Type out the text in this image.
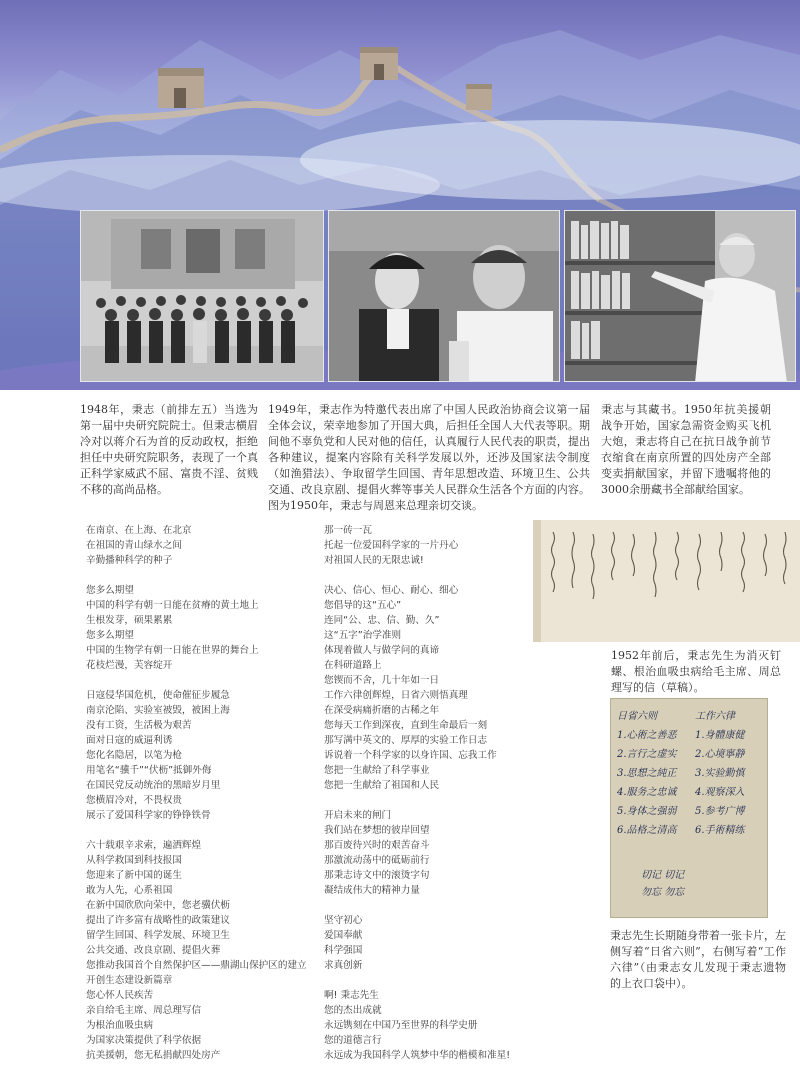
1948年，秉志（前排左五）当选为第一届中央研究院院士。但秉志横眉冷对以蒋介石为首的反动政权，拒绝担任中央研究院职务，表现了一个真正科学家威武不屈、富贵不淫、贫贱不移的高尚品格。

1949年，秉志作为特邀代表出席了中国人民政治协商会议第一届全体会议，荣幸地参加了开国大典，后担任全国人大代表等职。期间他不辜负党和人民对他的信任，认真履行人民代表的职责，提出各种建议，提案内容除有关科学发展以外，还涉及国家法令制度（如渔猎法）、争取留学生回国、青年思想改造、环境卫生、公共交通、改良京剧、提倡火葬等事关人民群众生活各个方面的内容。图为1950年，秉志与周恩来总理亲切交谈。

秉志与其藏书。1950年抗美援朝战争开始，国家急需资金购买飞机大炮，秉志将自己在抗日战争前节衣缩食在南京所置的四处房产全部变卖捐献国家，并留下遗嘱将他的3000余册藏书全部献给国家。

在南京、在上海、在北京
在祖国的青山绿水之间
辛勤播种科学的种子
您多么期望
中国的科学有朝一日能在贫瘠的黄土地上
生根发芽，硕果累累
您多么期望
中国的生物学有朝一日能在世界的舞台上
花枝烂漫，芙容绽开
日寇侵华国危机，使命催征步履急
南京沦陷、实验室被毁，被困上海
没有工资，生活极为艰苦
面对日寇的威逼利诱
您化名隐居，以笔为枪
用笔名“骥千”“伏枥”抵御外侮
在国民党反动统治的黑暗岁月里
您横眉冷对，不畏权贵
展示了爱国科学家的铮铮铁骨
六十载艰辛求索，遍洒辉煌
从科学救国到科技报国
您迎来了新中国的诞生
敢为人先，心系祖国
在新中国欣欣向荣中，您老骥伏枥
提出了许多富有战略性的政策建议
留学生回国、科学发展、环境卫生
公共交通、改良京剧、提倡火葬
您推动我国首个自然保护区——鼎湖山保护区的建立
开创生态建设新篇章
您心怀人民疾苦
亲自给毛主席、周总理写信
为根治血吸虫病
为国家决策提供了科学依据
抗美援朝，您无私捐献四处房产
那一砖一瓦
托起一位爱国科学家的一片丹心
对祖国人民的无限忠诚!
决心、信心、恒心、耐心、细心
您倡导的这“五心”
连同“公、忠、信、勤、久”
这“五字”治学准则
体现着做人与做学问的真谛
在科研道路上
您锲而不舍，几十年如一日
工作六律创辉煌，日省六则悟真理
在深受病痛折磨的古稀之年
您每天工作到深夜，直到生命最后一刻
那写满中英文的、厚厚的实验工作日志
诉说着一个科学家的以身许国、忘我工作
您把一生献给了科学事业
您把一生献给了祖国和人民
开启未来的闸门
我们站在梦想的彼岸回望
那百废待兴时的艰苦奋斗
那激流动荡中的砥砺前行
那秉志诗文中的滚烫字句
凝结成伟大的精神力量
坚守初心
爱国奉献
科学强国
求真创新
啊! 秉志先生
您的杰出成就
永远镌刻在中国乃至世界的科学史册
您的道德言行
永远成为我国科学人筑梦中华的楷模和准星!

1952年前后，秉志先生为消灭钉螺、根治血吸虫病给毛主席、周总理写的信（草稿）。

日省六则
1.心術之善恶
2.言行之虚实
3.思想之純正
4.服务之忠诚
5.身体之强弱
6.品格之清高
工作六律
1.身體康健
2.心境寧静
3.实验勤慎
4.观察深入
5.参考广博
6.手術精练
切记 切记
勿忘 勿忘

秉志先生长期随身带着一张卡片，左侧写着“日省六则”，右侧写着“工作六律”（由秉志女儿发现于秉志遗物的上衣口袋中）。
